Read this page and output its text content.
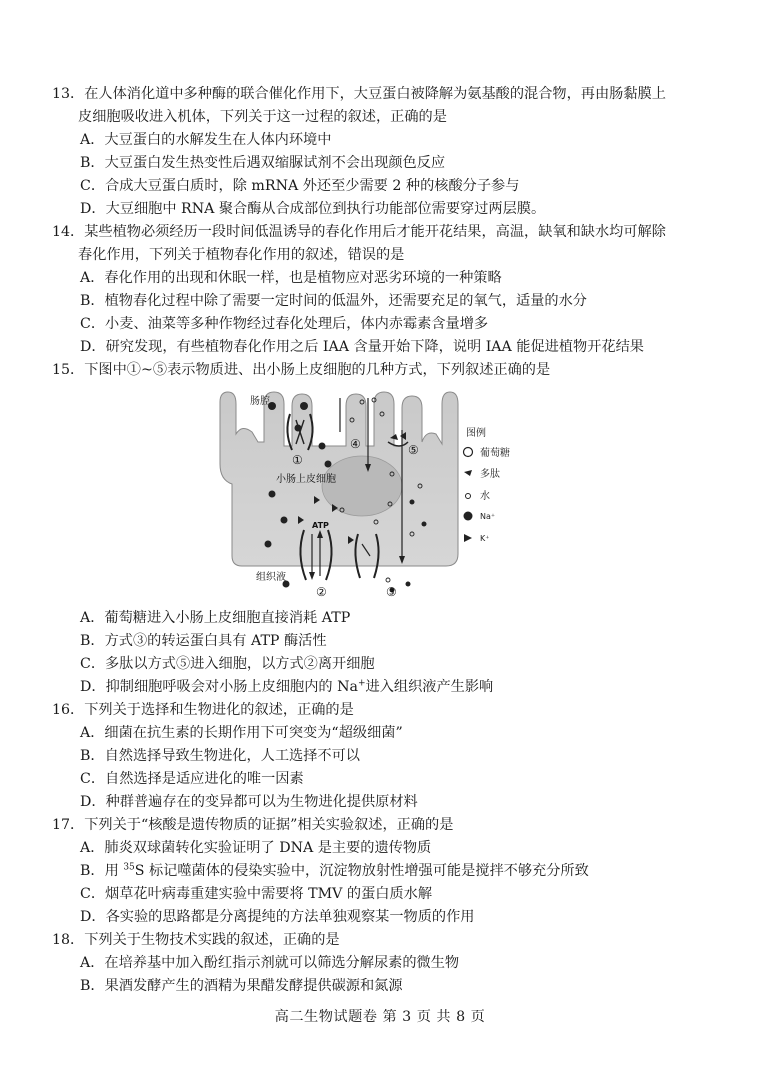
13．在人体消化道中多种酶的联合催化作用下，大豆蛋白被降解为氨基酸的混合物，再由肠黏膜上
皮细胞吸收进入机体，下列关于这一过程的叙述，正确的是
A．大豆蛋白的水解发生在人体内环境中
B．大豆蛋白发生热变性后遇双缩脲试剂不会出现颜色反应
C．合成大豆蛋白质时，除 mRNA 外还至少需要 2 种的核酸分子参与
D．大豆细胞中 RNA 聚合酶从合成部位到执行功能部位需要穿过两层膜。
14．某些植物必须经历一段时间低温诱导的春化作用后才能开花结果，高温，缺氧和缺水均可解除
春化作用，下列关于植物春化作用的叙述，错误的是
A．春化作用的出现和休眠一样，也是植物应对恶劣环境的一种策略
B．植物春化过程中除了需要一定时间的低温外，还需要充足的氧气，适量的水分
C．小麦、油菜等多种作物经过春化处理后，体内赤霉素含量增多
D．研究发现，有些植物春化作用之后 IAA 含量开始下降，说明 IAA 能促进植物开花结果
15．下图中①~⑤表示物质进、出小肠上皮细胞的几种方式，下列叙述正确的是
肠腔
小肠上皮细胞
组织液
ATP
①
②	③
④	⑤
图例
葡萄糖
多肽
水
Na⁺
K⁺
A．葡萄糖进入小肠上皮细胞直接消耗 ATP
B．方式③的转运蛋白具有 ATP 酶活性
C．多肽以方式⑤进入细胞，以方式②离开细胞
D．抑制细胞呼吸会对小肠上皮细胞内的 Na+进入组织液产生影响
16．下列关于选择和生物进化的叙述，正确的是
A．细菌在抗生素的长期作用下可突变为“超级细菌”
B．自然选择导致生物进化，人工选择不可以
C．自然选择是适应进化的唯一因素
D．种群普遍存在的变异都可以为生物进化提供原材料
17．下列关于“核酸是遗传物质的证据”相关实验叙述，正确的是
A．肺炎双球菌转化实验证明了 DNA 是主要的遗传物质
B．用 $^{35}$S 标记噬菌体的侵染实验中，沉淀物放射性增强可能是搅拌不够充分所致
C．烟草花叶病毒重建实验中需要将 TMV 的蛋白质水解
D．各实验的思路都是分离提纯的方法单独观察某一物质的作用
18．下列关于生物技术实践的叙述，正确的是
A．在培养基中加入酚红指示剂就可以筛选分解尿素的微生物
B．果酒发酵产生的酒精为果醋发酵提供碳源和氮源
高二生物试题卷 第 3 页 共 8 页
